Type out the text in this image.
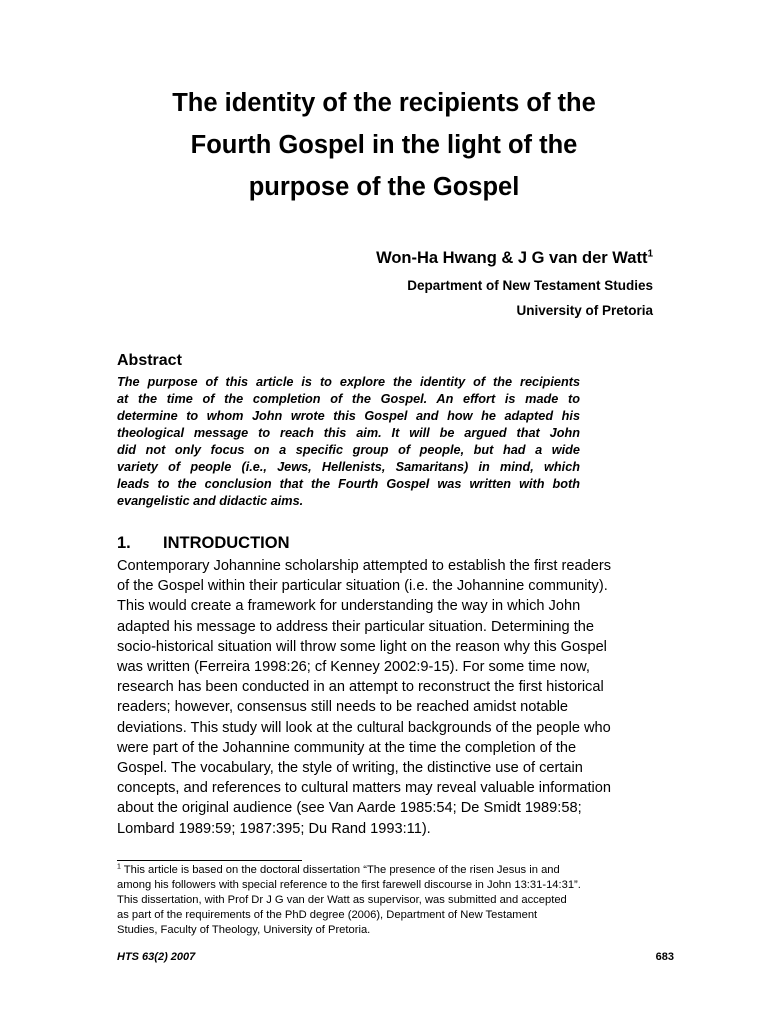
The identity of the recipients of the
Fourth Gospel in the light of the
purpose of the Gospel
Won-Ha Hwang & J G van der Watt$^1$
Department of New Testament Studies
University of Pretoria
Abstract
The purpose of this article is to explore the identity of the recipients
at the time of the completion of the Gospel. An effort is made to
determine to whom John wrote this Gospel and how he adapted his
theological message to reach this aim. It will be argued that John
did not only focus on a specific group of people, but had a wide
variety of people (i.e., Jews, Hellenists, Samaritans) in mind, which
leads to the conclusion that the Fourth Gospel was written with both
evangelistic and didactic aims.
1. INTRODUCTION
Contemporary Johannine scholarship attempted to establish the first readers
of the Gospel within their particular situation (i.e. the Johannine community).
This would create a framework for understanding the way in which John
adapted his message to address their particular situation. Determining the
socio-historical situation will throw some light on the reason why this Gospel
was written (Ferreira 1998:26; cf Kenney 2002:9-15). For some time now,
research has been conducted in an attempt to reconstruct the first historical
readers; however, consensus still needs to be reached amidst notable
deviations. This study will look at the cultural backgrounds of the people who
were part of the Johannine community at the time the completion of the
Gospel. The vocabulary, the style of writing, the distinctive use of certain
concepts, and references to cultural matters may reveal valuable information
about the original audience (see Van Aarde 1985:54; De Smidt 1989:58;
Lombard 1989:59; 1987:395; Du Rand 1993:11).
$^1$ This article is based on the doctoral dissertation “The presence of the risen Jesus in and
among his followers with special reference to the first farewell discourse in John 13:31-14:31”.
This dissertation, with Prof Dr J G van der Watt as supervisor, was submitted and accepted
as part of the requirements of the PhD degree (2006), Department of New Testament
Studies, Faculty of Theology, University of Pretoria.
HTS 63(2) 2007	683
